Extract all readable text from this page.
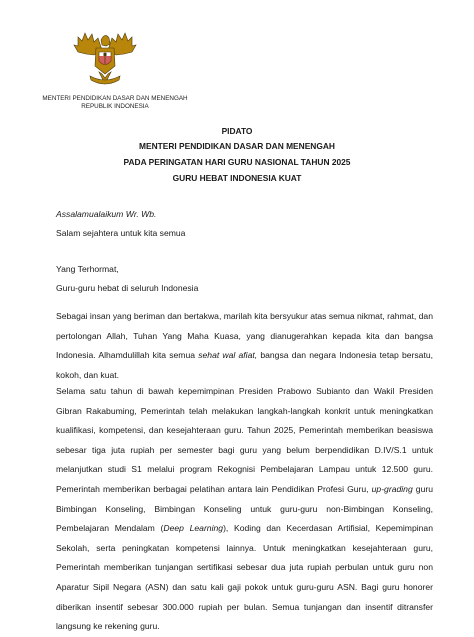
MENTERI PENDIDIKAN DASAR DAN MENENGAH
REPUBLIK INDONESIA
PIDATO
MENTERI PENDIDIKAN DASAR DAN MENENGAH
PADA PERINGATAN HARI GURU NASIONAL TAHUN 2025
GURU HEBAT INDONESIA KUAT
Assalamualaikum Wr. Wb.
Salam sejahtera untuk kita semua
Yang Terhormat,
Guru-guru hebat di seluruh Indonesia

Sebagai insan yang beriman dan bertakwa, marilah kita bersyukur atas semua nikmat, rahmat, dan pertolongan Allah, Tuhan Yang Maha Kuasa, yang dianugerahkan kepada kita dan bangsa Indonesia. Alhamdulillah kita semua sehat wal afiat, bangsa dan negara Indonesia tetap bersatu, kokoh, dan kuat.

Selama satu tahun di bawah kepemimpinan Presiden Prabowo Subianto dan Wakil Presiden Gibran Rakabuming, Pemerintah telah melakukan langkah-langkah konkrit untuk meningkatkan kualifikasi, kompetensi, dan kesejahteraan guru. Tahun 2025, Pemerintah memberikan beasiswa sebesar tiga juta rupiah per semester bagi guru yang belum berpendidikan D.IV/S.1 untuk melanjutkan studi S1 melalui program Rekognisi Pembelajaran Lampau untuk 12.500 guru. Pemerintah memberikan berbagai pelatihan antara lain Pendidikan Profesi Guru, up-grading guru Bimbingan Konseling, Bimbingan Konseling untuk guru-guru non-Bimbingan Konseling, Pembelajaran Mendalam (Deep Learning), Koding dan Kecerdasan Artifisial, Kepemimpinan Sekolah, serta peningkatan kompetensi lainnya. Untuk meningkatkan kesejahteraan guru, Pemerintah memberikan tunjangan sertifikasi sebesar dua juta rupiah perbulan untuk guru non Aparatur Sipil Negara (ASN) dan satu kali gaji pokok untuk guru-guru ASN. Bagi guru honorer diberikan insentif sebesar 300.000 rupiah per bulan. Semua tunjangan dan insentif ditransfer langsung ke rekening guru.
